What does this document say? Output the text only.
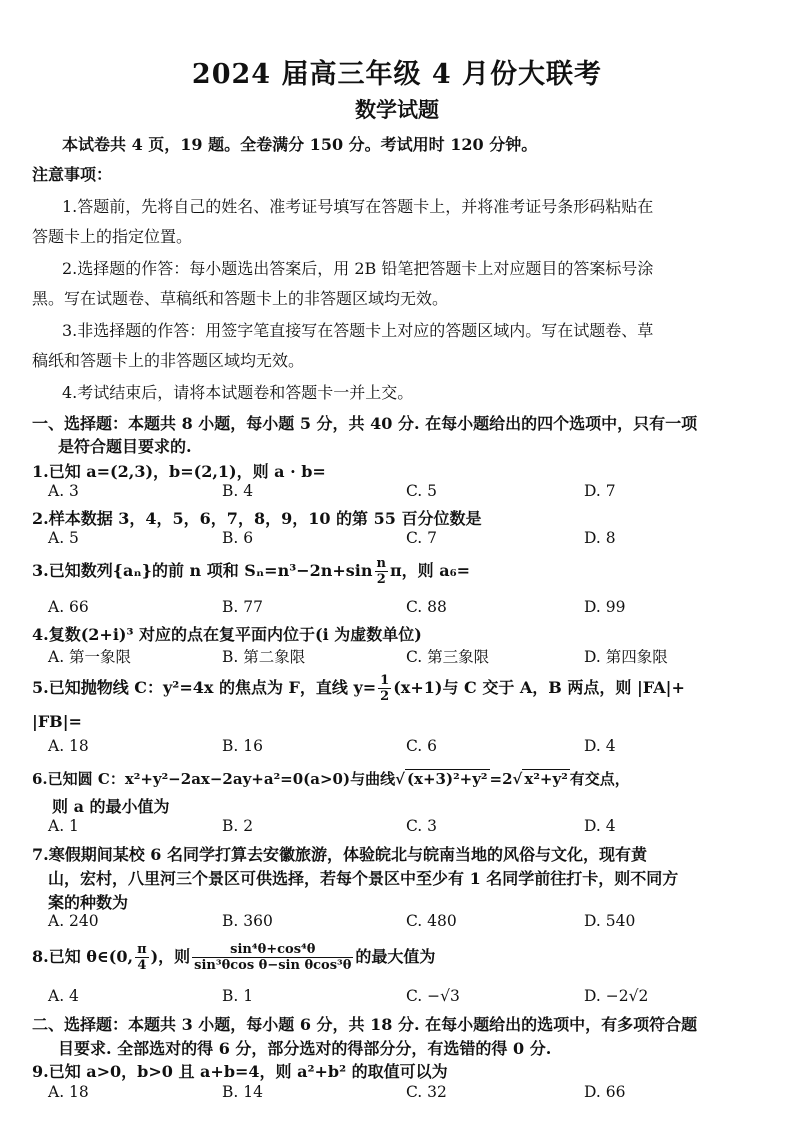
2024 届高三年级 4 月份大联考
数学试题
本试卷共 4 页，19 题。全卷满分 150 分。考试用时 120 分钟。
注意事项：
1.答题前，先将自己的姓名、准考证号填写在答题卡上，并将准考证号条形码粘贴在
答题卡上的指定位置。
2.选择题的作答：每小题选出答案后，用 2B 铅笔把答题卡上对应题目的答案标号涂
黑。写在试题卷、草稿纸和答题卡上的非答题区域均无效。
3.非选择题的作答：用签字笔直接写在答题卡上对应的答题区域内。写在试题卷、草
稿纸和答题卡上的非答题区域均无效。
4.考试结束后，请将本试题卷和答题卡一并上交。
一、选择题：本题共 8 小题，每小题 5 分，共 40 分. 在每小题给出的四个选项中，只有一项
是符合题目要求的.
1.已知 a=(2,3)，b=(2,1)，则 a · b=
A. 3	B. 4	C. 5	D. 7
2.样本数据 3，4，5，6，7，8，9，10 的第 55 百分位数是
A. 5	B. 6	C. 7	D. 8
3.已知数列{aₙ}的前 n 项和 $S_n=n^3-2n+\sin \frac{n}{2}$ π，则 a₆=
A. 66	B. 77	C. 88	D. 99
4.复数(2+i)³ 对应的点在复平面内位于(i 为虚数单位)
A. 第一象限	B. 第二象限	C. 第三象限	D. 第四象限
5.已知抛物线 C：y²=4x 的焦点为 F，直线 $y= \frac{1}{2} (x+1)$与 C 交于 A，B 两点，则 |FA|+
|FB|=
A. 18	B. 16	C. 6	D. 4
6.已知圆 C：x²+y²−2ax−2ay+a²=0(a>0)与曲线√ (x+3)²+y² =2√ x²+y² 有交点，
则 a 的最小值为
A. 1	B. 2	C. 3	D. 4
7.寒假期间某校 6 名同学打算去安徽旅游，体验皖北与皖南当地的风俗与文化，现有黄
山，宏村，八里河三个景区可供选择，若每个景区中至少有 1 名同学前往打卡，则不同方
案的种数为
A. 240	B. 360	C. 480	D. 540
8.已知 θ∈(0, $\frac{\pi}{4}$ )，则 $\frac{\text{sin⁴θ+cos⁴θ}}{\text{sin³θcos θ−sin θcos³θ}}$ 的最大值为
A. 4	B. 1	C. −√3	D. −2√2
二、选择题：本题共 3 小题，每小题 6 分，共 18 分. 在每小题给出的选项中，有多项符合题
目要求. 全部选对的得 6 分，部分选对的得部分分，有选错的得 0 分.
9.已知 a>0，b>0 且 a+b=4，则 a²+b² 的取值可以为
A. 18	B. 14	C. 32	D. 66
